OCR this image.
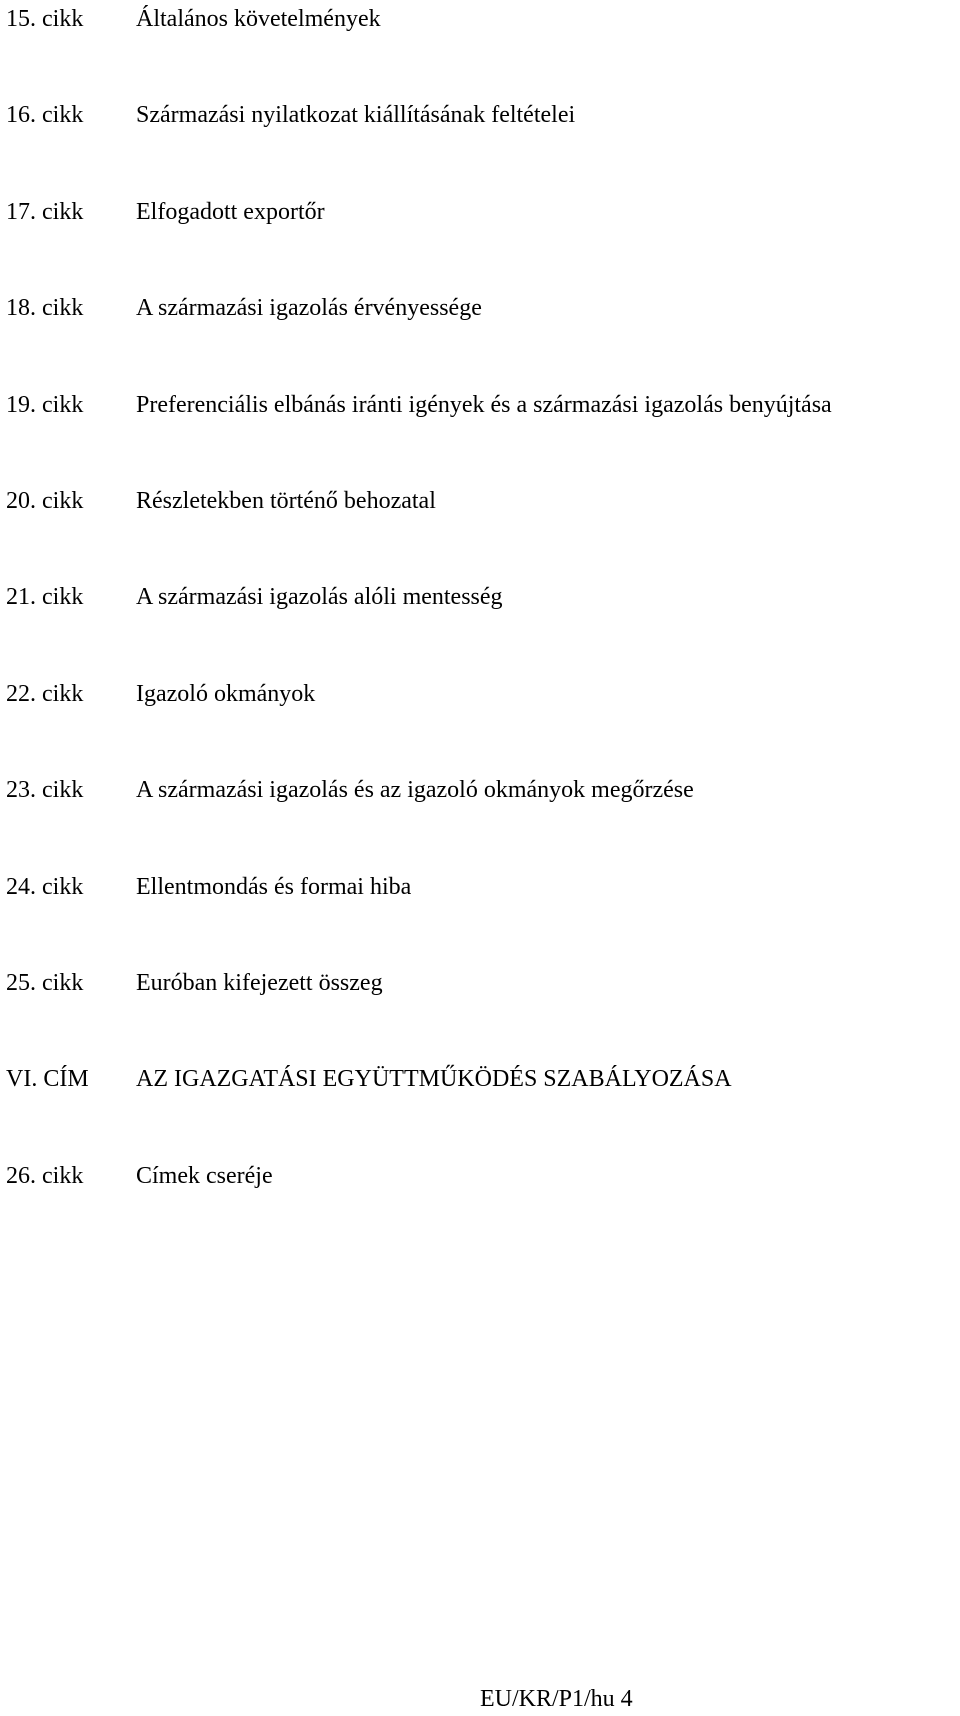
15. cikk Általános követelmények
16. cikk Származási nyilatkozat kiállításának feltételei
17. cikk Elfogadott exportőr
18. cikk A származási igazolás érvényessége
19. cikk Preferenciális elbánás iránti igények és a származási igazolás benyújtása
20. cikk Részletekben történő behozatal
21. cikk A származási igazolás alóli mentesség
22. cikk Igazoló okmányok
23. cikk A származási igazolás és az igazoló okmányok megőrzése
24. cikk Ellentmondás és formai hiba
25. cikk Euróban kifejezett összeg
VI. CÍM AZ IGAZGATÁSI EGYÜTTMŰKÖDÉS SZABÁLYOZÁSA
26. cikk Címek cseréje
EU/KR/P1/hu 4
